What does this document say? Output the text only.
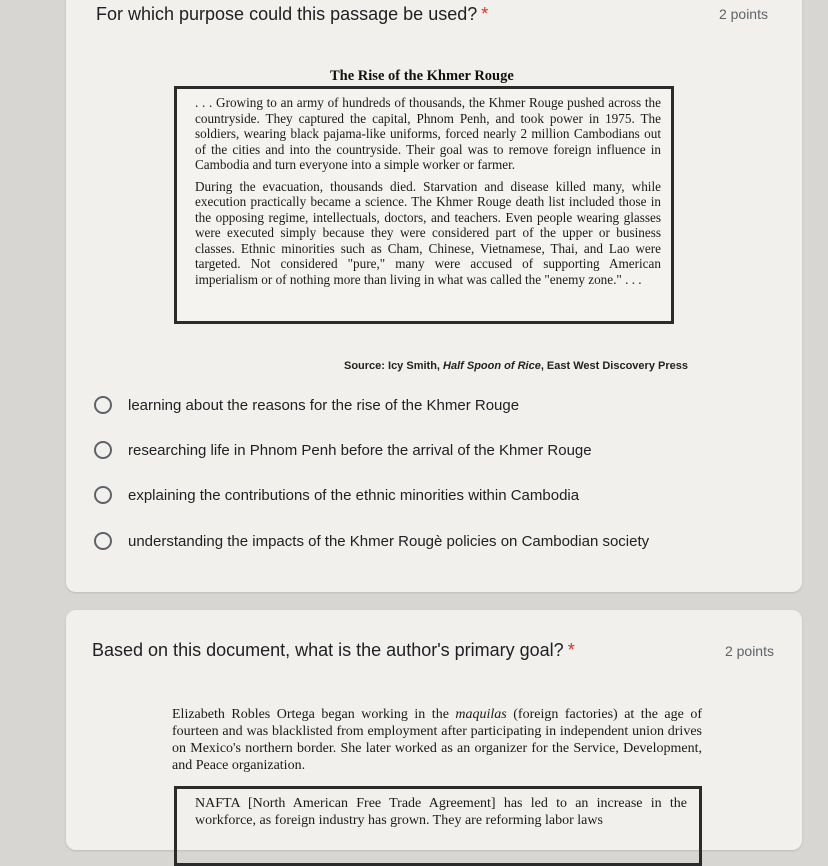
For which purpose could this passage be used? *	2 points
The Rise of the Khmer Rouge

. . . Growing to an army of hundreds of thousands, the Khmer Rouge pushed across the countryside. They captured the capital, Phnom Penh, and took power in 1975. The soldiers, wearing black pajama-like uniforms, forced nearly 2 million Cambodians out of the cities and into the countryside. Their goal was to remove foreign influence in Cambodia and turn everyone into a simple worker or farmer.

During the evacuation, thousands died. Starvation and disease killed many, while execution practically became a science. The Khmer Rouge death list included those in the opposing regime, intellectuals, doctors, and teachers. Even people wearing glasses were executed simply because they were considered part of the upper or business classes. Ethnic minorities such as Cham, Chinese, Vietnamese, Thai, and Lao were targeted. Not considered "pure," many were accused of supporting American imperialism or of nothing more than living in what was called the "enemy zone." . . .

Source: Icy Smith, Half Spoon of Rice, East West Discovery Press
learning about the reasons for the rise of the Khmer Rouge
researching life in Phnom Penh before the arrival of the Khmer Rouge
explaining the contributions of the ethnic minorities within Cambodia
understanding the impacts of the Khmer Rougè policies on Cambodian society
Based on this document, what is the author's primary goal? *	2 points
Elizabeth Robles Ortega began working in the maquilas (foreign factories) at the age of fourteen and was blacklisted from employment after participating in independent union drives on Mexico's northern border. She later worked as an organizer for the Service, Development, and Peace organization.
NAFTA [North American Free Trade Agreement] has led to an increase in the workforce, as foreign industry has grown. They are reforming labor laws
